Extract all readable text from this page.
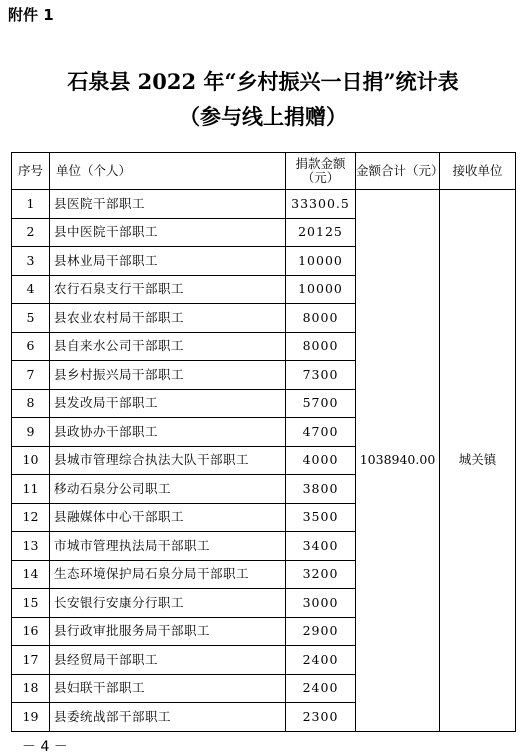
附件 1
石泉县 2022 年“乡村振兴一日捐”统计表
（参与线上捐赠）
序号	单位（个人）	捐款金额（元）	金额合计（元）	接收单位
1	县医院干部职工	33300.5	1038940.00	城关镇
2	县中医院干部职工	20125		
3	县林业局干部职工	10000		
4	农行石泉支行干部职工	10000		
5	县农业农村局干部职工	8000		
6	县自来水公司干部职工	8000		
7	县乡村振兴局干部职工	7300		
8	县发改局干部职工	5700		
9	县政协办干部职工	4700		
10	县城市管理综合执法大队干部职工	4000		
11	移动石泉分公司职工	3800		
12	县融媒体中心干部职工	3500		
13	市城市管理执法局干部职工	3400		
14	生态环境保护局石泉分局干部职工	3200		
15	长安银行安康分行职工	3000		
16	县行政审批服务局干部职工	2900		
17	县经贸局干部职工	2400		
18	县妇联干部职工	2400		
19	县委统战部干部职工	2300		
－ 4 －
